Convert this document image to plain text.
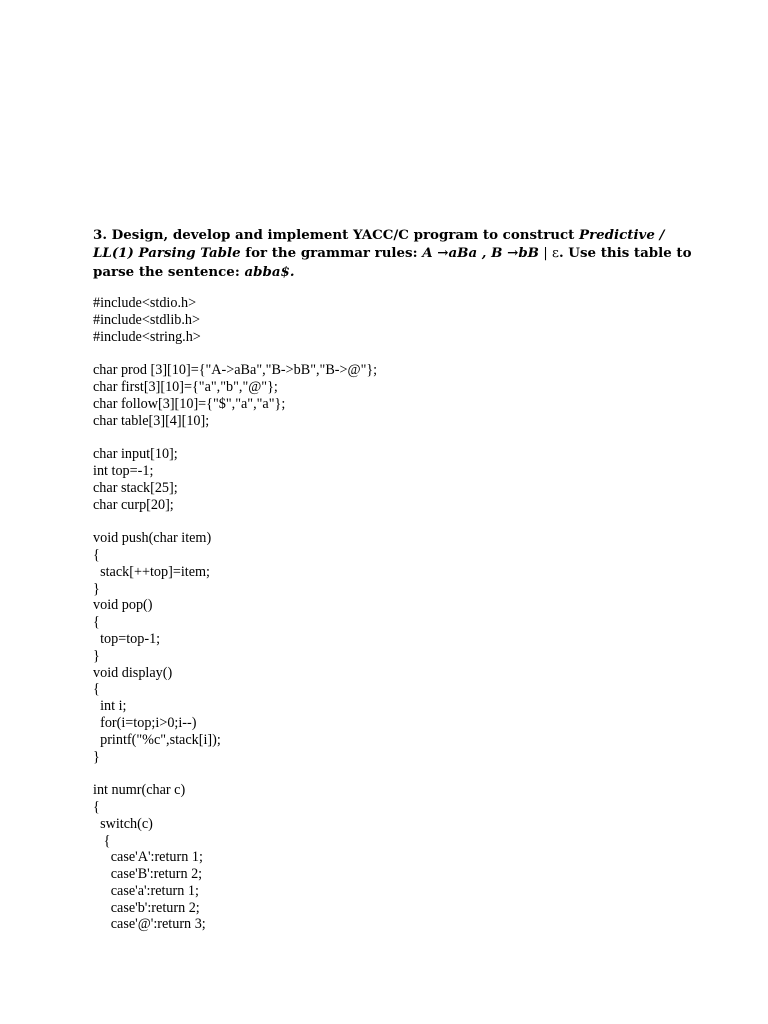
3. Design, develop and implement YACC/C program to construct Predictive / LL(1) Parsing Table for the grammar rules: A →aBa , B →bB | ε. Use this table to parse the sentence: abba$.

#include<stdio.h>
#include<stdlib.h>
#include<string.h>
char prod [3][10]={"A->aBa","B->bB","B->@"};
char first[3][10]={"a","b","@"};
char follow[3][10]={"$","a","a"};
char table[3][4][10];
char input[10];
int top=-1;
char stack[25];
char curp[20];
void push(char item)
{
stack[++top]=item;
}
void pop()
{
top=top-1;
}
void display()
{
int i;
for(i=top;i>0;i--)
printf("%c",stack[i]);
}
int numr(char c)
{
switch(c)
{
case'A':return 1;
case'B':return 2;
case'a':return 1;
case'b':return 2;
case'@':return 3;
